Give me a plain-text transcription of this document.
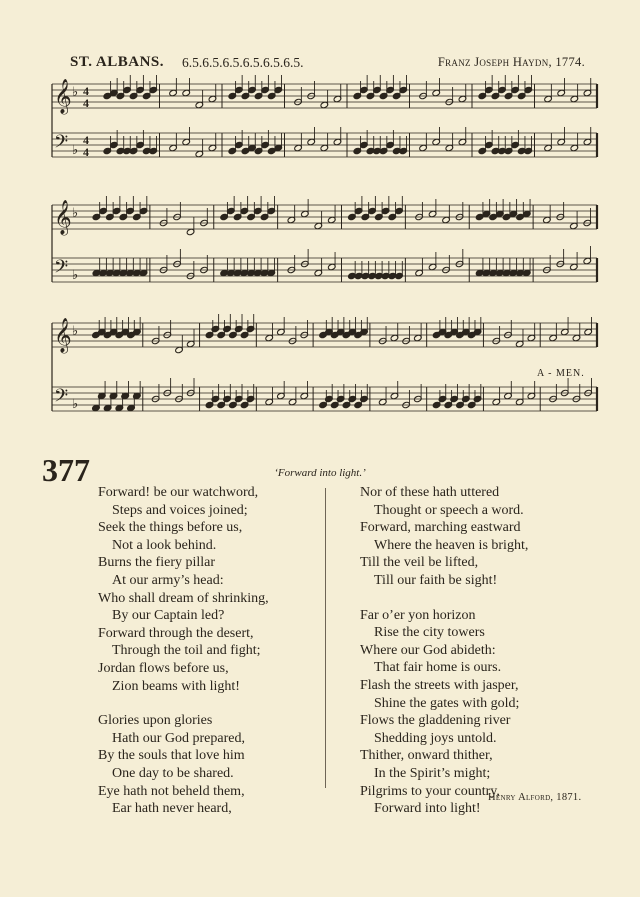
ST. ALBANS. 6.5.6.5.6.5.6.5.6.5.6.5.	Franz Joseph Haydn, 1774.
𝄞 ♭ 4
4
𝄢 ♭
4
4
𝄞 ♭
𝄢 ♭
𝄞 ♭
𝄢 ♭
A - MEN.
377	‘Forward into light.’
Forward! be our watchword,
Steps and voices joined;
Seek the things before us,
Not a look behind.
Burns the fiery pillar
At our army’s head:
Who shall dream of shrinking,
By our Captain led?
Forward through the desert,
Through the toil and fight;
Jordan flows before us,
Zion beams with light!
Glories upon glories
Hath our God prepared,
By the souls that love him
One day to be shared.
Eye hath not beheld them,
Ear hath never heard,
Nor of these hath uttered
Thought or speech a word.
Forward, marching eastward
Where the heaven is bright,
Till the veil be lifted,
Till our faith be sight!
Far o’er yon horizon
Rise the city towers
Where our God abideth:
That fair home is ours.
Flash the streets with jasper,
Shine the gates with gold;
Flows the gladdening river
Shedding joys untold.
Thither, onward thither,
In the Spirit’s might;
Pilgrims to your country,
Forward into light!
Henry Alford, 1871.
